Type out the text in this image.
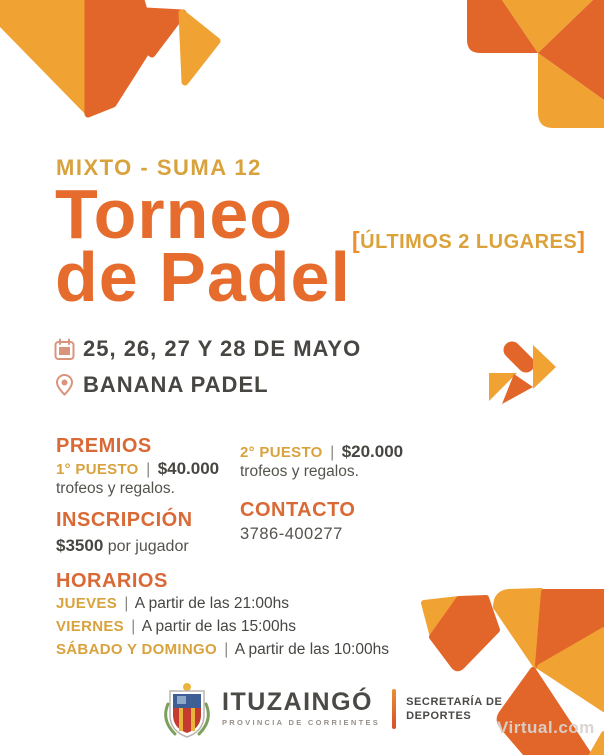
MIXTO - SUMA 12
Torneo
de Padel [ÚLTIMOS 2 LUGARES]
25, 26, 27 Y 28 DE MAYO
BANANA PADEL
PREMIOS
1° PUESTO | $40.000
trofeos y regalos.
INSCRIPCIÓN
$3500 por jugador
2° PUESTO | $20.000
trofeos y regalos.
CONTACTO
3786-400277
HORARIOS
JUEVES | A partir de las 21:00hs
VIERNES | A partir de las 15:00hs
SÁBADO Y DOMINGO | A partir de las 10:00hs
ITUZAINGÓ
PROVINCIA DE CORRIENTES
SECRETARÍA DE
DEPORTES
Virtual.com
